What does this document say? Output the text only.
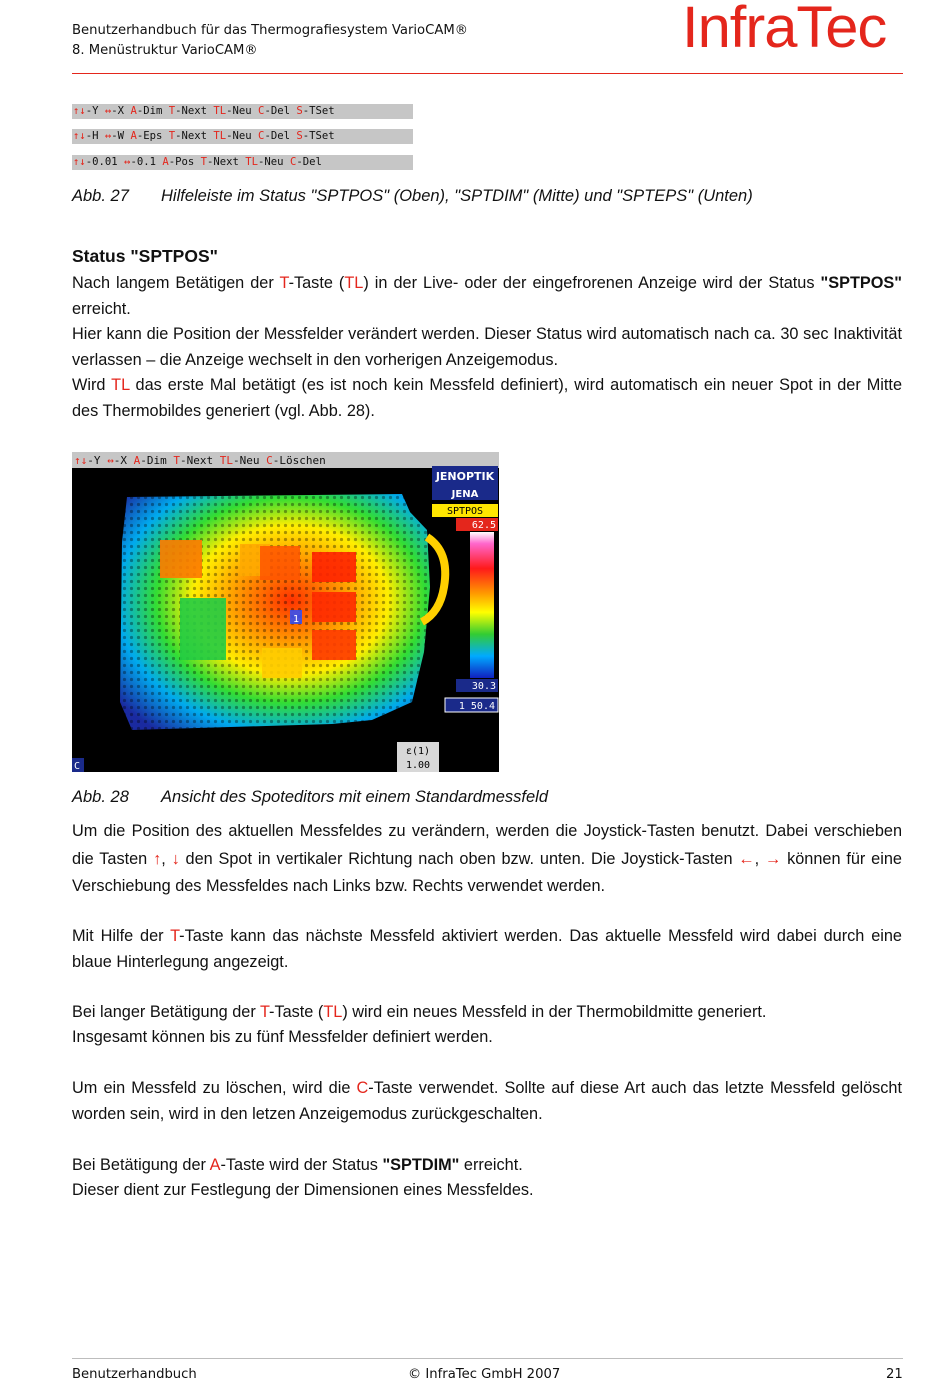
Benutzerhandbuch für das Thermografiesystem VarioCAM®
8. Menüstruktur VarioCAM®	InfraTec
↑↓-Y ↔-X A-Dim T-Next TL-Neu C-Del S-TSet
↑↓-H ↔-W A-Eps T-Next TL-Neu C-Del S-TSet
↑↓-0.01 ↔-0.1 A-Pos T-Next TL-Neu C-Del
Abb. 27 Hilfeleiste im Status "SPTPOS" (Oben), "SPTDIM" (Mitte) und "SPTEPS" (Unten)
Status "SPTPOS"
Nach langem Betätigen der T-Taste (TL) in der Live- oder der eingefrorenen Anzeige wird der Status "SPTPOS" erreicht.
Hier kann die Position der Messfelder verändert werden. Dieser Status wird automatisch nach ca. 30 sec Inaktivität verlassen – die Anzeige wechselt in den vorherigen Anzeigemodus.
Wird TL das erste Mal betätigt (es ist noch kein Messfeld definiert), wird automatisch ein neuer Spot in der Mitte des Thermobildes generiert (vgl. Abb. 28).
↑↓-Y ↔-X A-Dim T-Next TL-Neu C-Löschen
1
JENOPTIK
JENA
SPTPOS
62.5
30.3
1 50.4
ε(1)
1.00
C
Abb. 28 Ansicht des Spoteditors mit einem Standardmessfeld
Um die Position des aktuellen Messfeldes zu verändern, werden die Joystick-Tasten benutzt. Dabei verschieben die Tasten ↑, ↓ den Spot in vertikaler Richtung nach oben bzw. unten. Die Joystick-Tasten ←, → können für eine Verschiebung des Messfeldes nach Links bzw. Rechts verwendet werden.
Mit Hilfe der T-Taste kann das nächste Messfeld aktiviert werden. Das aktuelle Messfeld wird dabei durch eine blaue Hinterlegung angezeigt.
Bei langer Betätigung der T-Taste (TL) wird ein neues Messfeld in der Thermobildmitte generiert.
Insgesamt können bis zu fünf Messfelder definiert werden.
Um ein Messfeld zu löschen, wird die C-Taste verwendet. Sollte auf diese Art auch das letzte Messfeld gelöscht worden sein, wird in den letzen Anzeigemodus zurückgeschalten.
Bei Betätigung der A-Taste wird der Status "SPTDIM" erreicht.
Dieser dient zur Festlegung der Dimensionen eines Messfeldes.
Benutzerhandbuch	© InfraTec GmbH 2007	21
